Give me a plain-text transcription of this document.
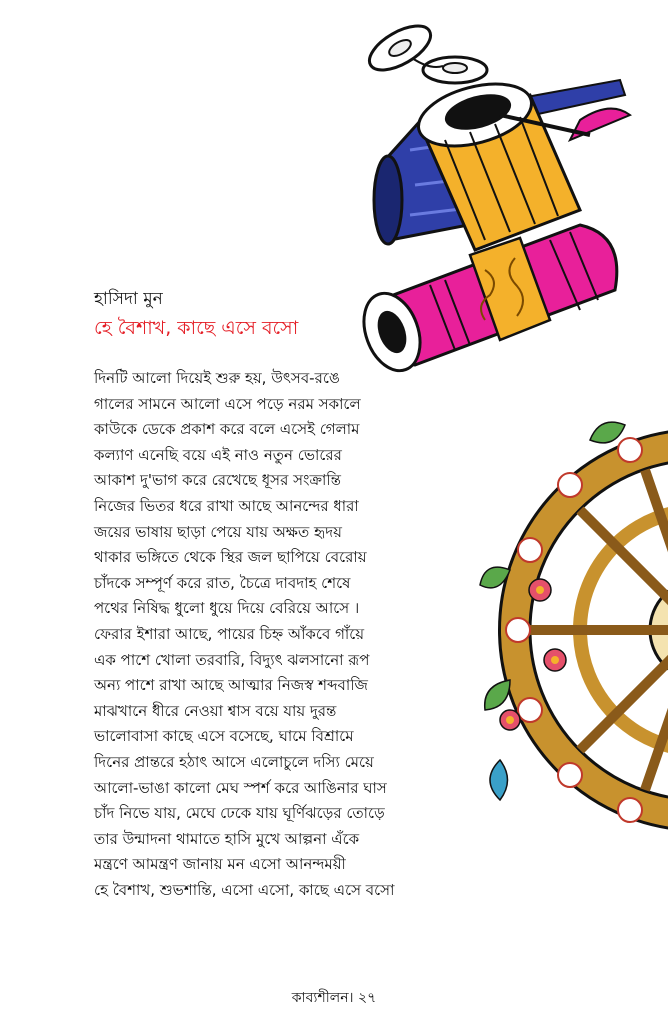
হাসিদা মুন
হে বৈশাখ, কাছে এসে বসো
দিনটি আলো দিয়েই শুরু হয়, উৎসব-রঙে
গালের সামনে আলো এসে পড়ে নরম সকালে
কাউকে ডেকে প্রকাশ করে বলে এসেই গেলাম
কল্যাণ এনেছি বয়ে এই নাও নতুন ভোরের
আকাশ দু'ভাগ করে রেখেছে ধূসর সংক্রান্তি
নিজের ভিতর ধরে রাখা আছে আনন্দের ধারা
জয়ের ভাষায় ছাড়া পেয়ে যায় অক্ষত হৃদয়
থাকার ভঙ্গিতে থেকে স্থির জল ছাপিয়ে বেরোয়
চাঁদকে সম্পূর্ণ করে রাত, চৈত্রে দাবদাহ শেষে
পথের নিষিদ্ধ ধুলো ধুয়ে দিয়ে বেরিয়ে আসে ।
ফেরার ইশারা আছে, পায়ের চিহ্ন আঁকবে গাঁয়ে
এক পাশে খোলা তরবারি, বিদ্যুৎ ঝলসানো রূপ
অন্য পাশে রাখা আছে আত্মার নিজস্ব শব্দবাজি
মাঝখানে ধীরে নেওয়া শ্বাস বয়ে যায় দুরন্ত
ভালোবাসা কাছে এসে বসেছে, ঘামে বিশ্রামে
দিনের প্রান্তরে হঠাৎ আসে এলোচুলে দস্যি মেয়ে
আলো-ভাঙা কালো মেঘ স্পর্শ করে আঙিনার ঘাস
চাঁদ নিভে যায়, মেঘে ঢেকে যায় ঘূর্ণিঝড়ের তোড়ে
তার উন্মাদনা থামাতে হাসি মুখে আল্পনা এঁকে
মন্ত্রণে আমন্ত্রণ জানায় মন এসো আনন্দময়ী
হে বৈশাখ, শুভশান্তি, এসো এসো, কাছে এসে বসো
কাব্যশীলন। ২৭
